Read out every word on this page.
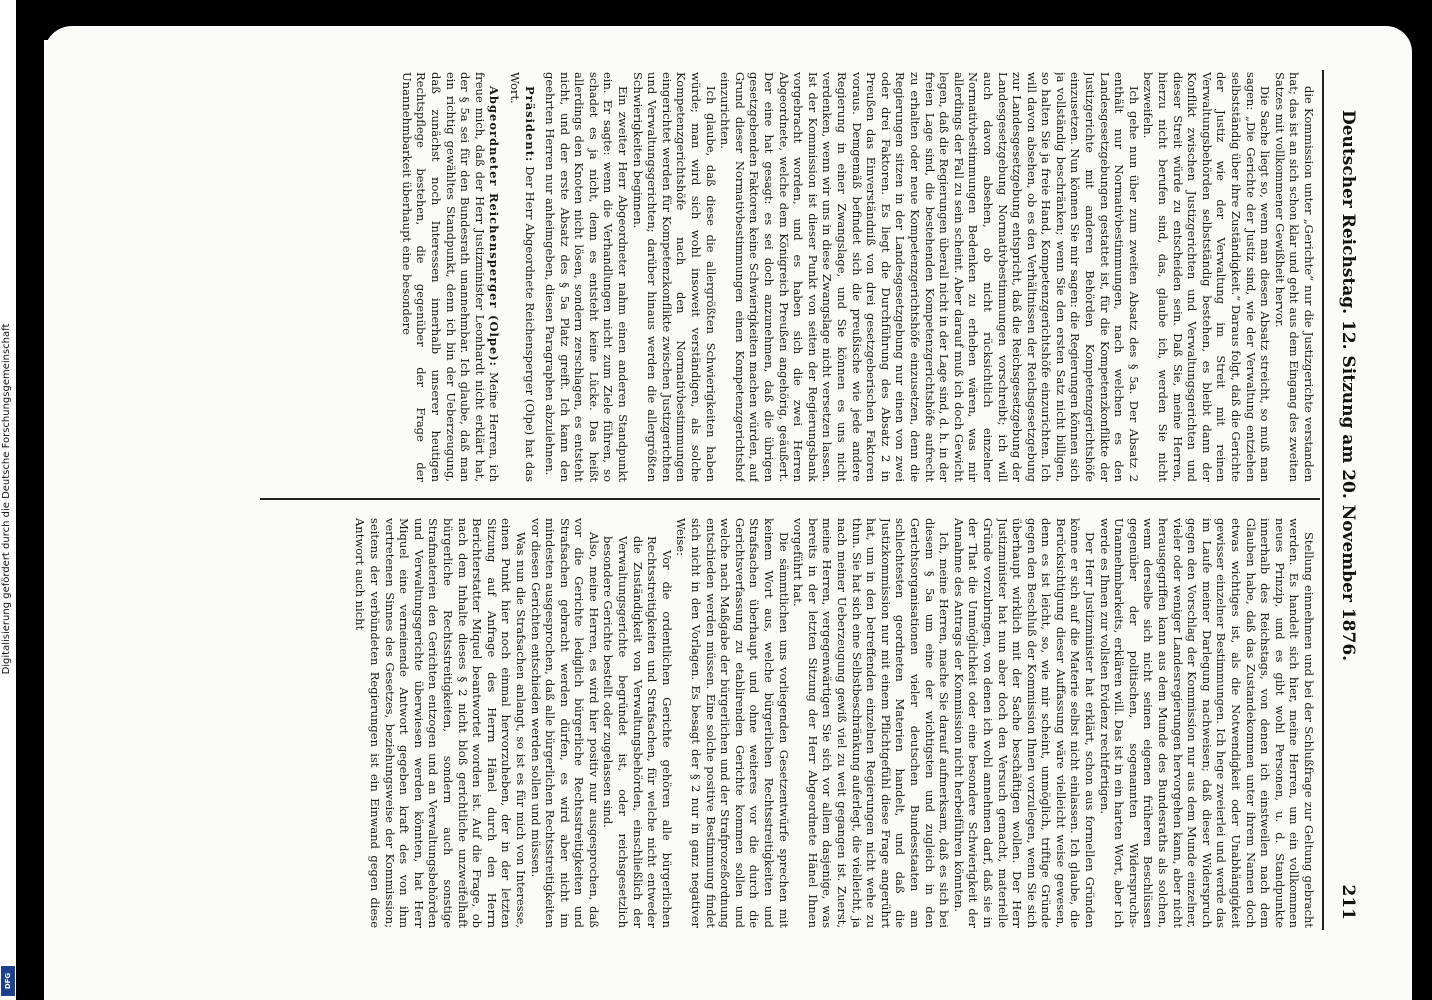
Digitalisierung gefördert durch die Deutsche Forschungsgemeinschaft
DFG
Deutscher Reichstag. 12. Sitzung am 20. November 1876.
211

die Kommission unter „Gerichte“ nur die Justizgerichte verstanden hat; das ist an sich schon klar und geht aus dem Eingang des zweiten Satzes mit vollkommener Gewißheit hervor.

Die Sache liegt so, wenn man diesen Absatz streicht, so muß man sagen: „Die Gerichte der Justiz sind, wie der Verwaltung entziehen selbstständig über ihre Zuständigkeit.“ Daraus folgt, daß die Gerichte der Justiz wie der Verwaltung im Streit mit reinen Verwaltungsbehörden selbstständig bestehen, es bleibt dann der Konflikt zwischen Justizgerichten und Verwaltungsgerichten und dieser Streit würde zu entscheiden sein. Daß Sie, meine Herren, hierzu nicht berufen sind, das, glaube ich, werden Sie nicht bezweifeln.

Ich gehe nun über zum zweiten Absatz des § 5a. Der Absatz 2 enthält nur Normativbestimmungen, nach welchen es den Landesgesetzgebungen gestattet ist, für die Kompetenzkonflikte der Justizgerichte mit anderen Behörden Kompetenzgerichtshöfe einzusetzen. Nun können Sie mir sagen: die Regierungen können sich ja vollständig beschränken; wenn Sie den ersten Satz nicht billigen, so halten Sie ja freie Hand, Kompetenzgerichtshöfe einzurichten. Ich will davon absehen, ob es den Verhältnissen der Reichsgesetzgebung zur Landesgesetzgebung entspricht, daß die Reichsgesetzgebung der Landesgesetzgebung Normativbestimmungen vorschreibt; ich will auch davon absehen, ob nicht rücksichtlich einzelner Normativbestimmungen Bedenken zu erheben wären, was mir allerdings der Fall zu sein scheint. Aber darauf muß ich doch Gewicht legen, daß die Regierungen überall nicht in der Lage sind, d. h. in der freien Lage sind, die bestehenden Kompetenzgerichtshöfe aufrecht zu erhalten oder neue Kompetenzgerichtshöfe einzusetzen, denn die Regierungen sitzen in der Landesgesetzgebung nur einen von zwei oder drei Faktoren. Es liegt die Durchführung des Absatz 2 in Preußen das Einverständniß von drei gesetzgeberischen Faktoren voraus. Demgemäß befindet sich die preußische wie jede andere Regierung in einer Zwangslage, und Sie können es uns nicht verdenken, wenn wir uns in diese Zwangslage nicht versetzen lassen. Ist der Kommission ist dieser Punkt von seiten der Regierungsbank vorgebracht worden, und es haben sich die zwei Herren Abgeordnete, welche dem Königreich Preußen angehörig, geäußert. Der eine hat gesagt: es sei doch anzunehmen, daß die übrigen gesetzgebenden Faktoren keine Schwierigkeiten machen würden, auf Grund dieser Normativbestimmungen einen Kompetenzgerichtshof einzurichten.

Ich glaube, daß diese die allergrößten Schwierigkeiten haben würde; man wird sich wohl insoweit verständigen, als solche Kompetenzgerichtshöfe nach den Normativbestimmungen eingerichtet werden für Kompetenzkonflikte zwischen Justizgerichten und Verwaltungsgerichten; darüber hinaus werden die allergrößten Schwierigkeiten beginnen.

Ein zweiter Herr Abgeordneter nahm einen anderen Standpunkt ein. Er sagte: wenn die Verhandlungen nicht zum Ziele führen, so schadet es ja nicht, denn es entsteht keine Lücke. Das heißt allerdings den Knoten nicht lösen, sondern zerschlagen, es entsteht nicht, und der erste Absatz des § 5a Platz greift. Ich kann den geehrten Herren nur anheimgeben, diesen Paragraphen abzulehnen.

Präsident: Der Herr Abgeordnete Reichensperger (Olpe) hat das Wort.

Abgeordneter Reichensperger (Olpe): Meine Herren, ich freue mich, daß der Herr Justizminister Leonhardt nicht erklärt hat, der § 5a sei für den Bundesrath unannehmbar. Ich glaube, daß man ein richtig gewähltes Standpunkt, denn ich bin der Ueberzeugung, daß zunächst noch Interessen innerhalb unserer heutigen Rechtspflege bestehen, die gegenüber der Frage der Unannehmbarkeit überhaupt eine besondere

Stellung einnehmen und bei der Schlußfrage zur Geltung gebracht werden. Es handelt sich hier, meine Herren, um ein vollkommen neues Prinzip, und es gibt wohl Personen, u. d. Standpunkte innerhalb des Reichstags, von denen ich einstweilen nach dem Glauben habe, daß das Zustandekommen unter ihrem Namen doch etwas wichtiges ist, als die Notwendigkeit oder Unabhängigkeit gewisser einzelner Bestimmungen. Ich hege zweierlei und werde das im Laufe meiner Darlegung nachweisen; daß dieser Widerspruch gegen den Vorschlag der Kommission nur aus dem Munde einzelner, vieler oder weniger Landesregierungen hervorgehen kann, aber nicht herausgegriffen kann aus dem Munde des Bundesraths als solchen, wenn derselbe sich nicht seinen eigenen früheren Beschlüssen gegenüber der politischen, sogenannten Widerspruchs-Unannehmbarkeits, erklären will. Das ist in ein harten Wort, aber ich werde es Ihnen zur vollsten Evidenz rechtfertigen.

Der Herr Justizminister hat erklärt, schon aus formellen Gründen könne er sich auf die Materie selbst nicht einlassen. Ich glaube, die Berücksichtigung dieser Auffassung wäre vielleicht weise gewesen, denn es ist leicht, so, wie mir scheint, unmöglich, triftige Gründe gegen den Beschluß der Kommission Ihnen vorzulegen, wenn Sie sich überhaupt wirklich mit der Sache beschäftigen wollen. Der Herr Justizminister hat nun aber doch den Versuch gemacht, materielle Gründe vorzubringen, von denen ich wohl annehmen darf, daß sie in der That die Unmöglichkeit oder eine besondere Schwierigkeit der Annahme des Antrags der Kommission nicht herbeiführen könnten.

Ich, meine Herren, mache Sie darauf aufmerksam, daß es sich bei diesem § 5a um eine der wichtigsten und zugleich in den Gerichtsorganisationen vieler deutschen Bundesstaaten am schlechtesten geordneten Materien handelt, und daß die Justizkommission nur mit einem Pflichtgefühl diese Frage angerührt hat, um in den betreffenden einzelnen Regierungen nicht wehe zu thun. Sie hat sich eine Selbstbeschränkung auferlegt, die vielleicht, ja nach meiner Ueberzeugung gewiß viel zu weit gegangen ist. Zuerst, meine Herren, vergegenwärtigen Sie sich vor allem dasjenige, was bereits in der letzten Sitzung der Herr Abgeordnete Hänel Ihnen vorgeführt hat.

Die sämmtlichen uns vorliegenden Gesetzentwürfe sprechen mit keinem Wort aus, welche bürgerlichen Rechtsstreitigkeiten und Strafsachen überhaupt und ohne weiteres vor die durch die Gerichtsverfassung zu etablirenden Gerichte kommen sollen und welche nach Maßgabe der bürgerlichen und der Strafprozeßordnung entschieden werden müssen. Eine solche positive Bestimmung findet sich nicht in den Vorlagen. Es besagt der § 2 nur in ganz negativer Weise:

Vor die ordentlichen Gerichte gehören alle bürgerlichen Rechtsstreitigkeiten und Strafsachen, für welche nicht entweder die Zuständigkeit von Verwaltungsbehörden, einschließlich der Verwaltungsgerichte begründet ist, oder reichsgesetzlich besondere Gerichte bestellt oder zugelassen sind.

Also, meine Herren, es wird hier positiv nur ausgesprochen, daß vor die Gerichte lediglich bürgerliche Rechtsstreitigkeiten und Strafsachen gebracht werden dürfen, es wird aber nicht im mindesten ausgesprochen, daß alle bürgerlichen Rechtsstreitigkeiten vor diesen Gerichten entschieden werden sollen und müssen.

Was nun die Strafsachen anlangt, so ist es für mich von Interesse, einen Punkt hier noch einmal hervorzuheben, der in der letzten Sitzung auf Anfrage des Herrn Hänel durch den Herrn Berichterstatter Miquel beantwortet worden ist. Auf die Frage, ob nach dem Inhalte dieses § 2 nicht bloß gerichtliche unzweifelhaft bürgerliche Rechtsstreitigkeiten, sondern auch sonstige Strafmaterien den Gerichten entzogen und an Verwaltungsbehörden und Verwaltungsgerichte überwiesen werden könnten, hat Herr Miquel eine verneinende Antwort gegeben kraft des von ihm vertretenen Sinnes des Gesetzes, beziehungsweise der Kommission; seitens der verbündeten Regierungen ist ein Einwand gegen diese Antwort auch nicht
